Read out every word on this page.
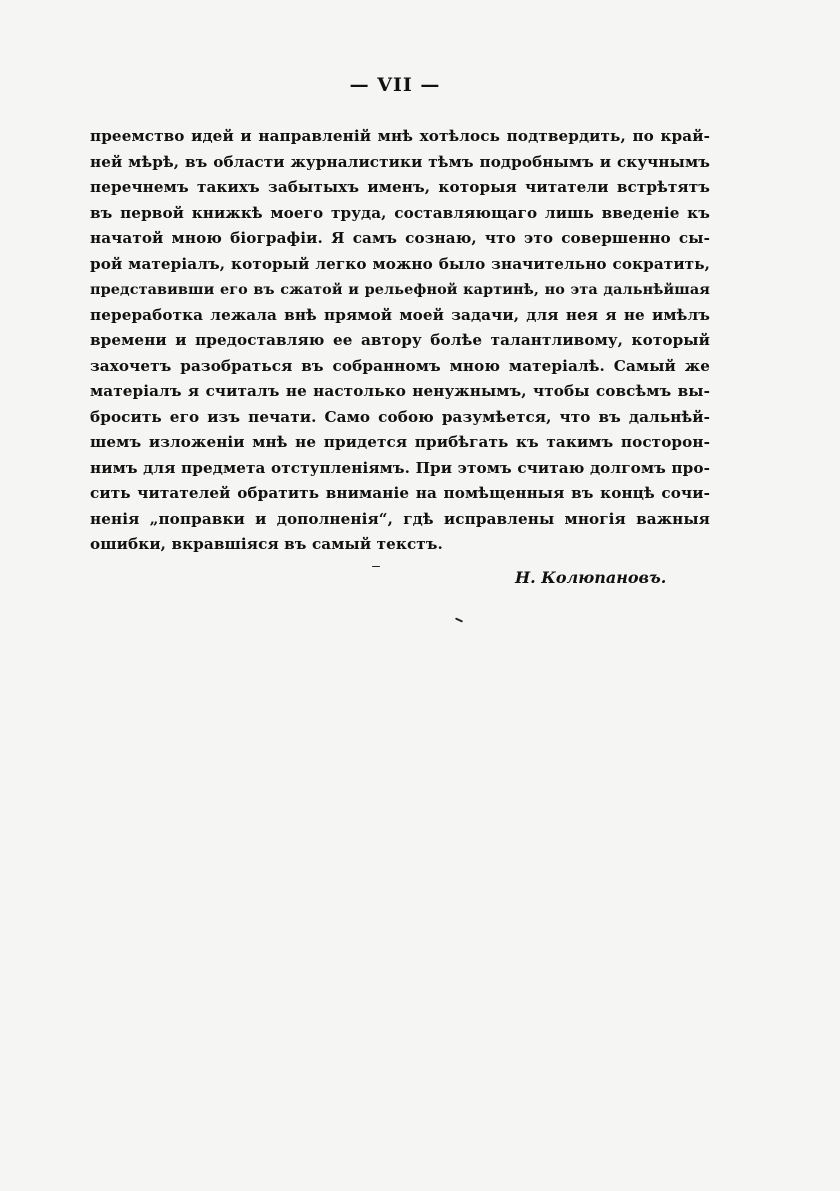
— VII —
преемство идей и направленій мнѣ хотѣлось подтвердить, по край-
ней мѣрѣ, въ области журналистики тѣмъ подробнымъ и скучнымъ
перечнемъ такихъ забытыхъ именъ, которыя читатели встрѣтятъ
въ первой книжкѣ моего труда, составляющаго лишь введеніе къ
начатой мною біографіи. Я самъ сознаю, что это совершенно сы-
рой матеріалъ, который легко можно было значительно сократить,
представивши его въ сжатой и рельефной картинѣ, но эта дальнѣйшая
переработка лежала внѣ прямой моей задачи, для нея я не имѣлъ
времени и предоставляю ее автору болѣе талантливому, который
захочетъ разобраться въ собранномъ мною матеріалѣ. Самый же
матеріалъ я считалъ не настолько ненужнымъ, чтобы совсѣмъ вы-
бросить его изъ печати. Само собою разумѣется, что въ дальнѣй-
шемъ изложеніи мнѣ не придется прибѣгать къ такимъ посторон-
нимъ для предмета отступленіямъ. При этомъ считаю долгомъ про-
сить читателей обратить вниманіе на помѣщенныя въ концѣ сочи-
ненія „поправки и дополненія“, гдѣ исправлены многія важныя
ошибки, вкравшіяся въ самый текстъ.
Н. Колюпановъ.
